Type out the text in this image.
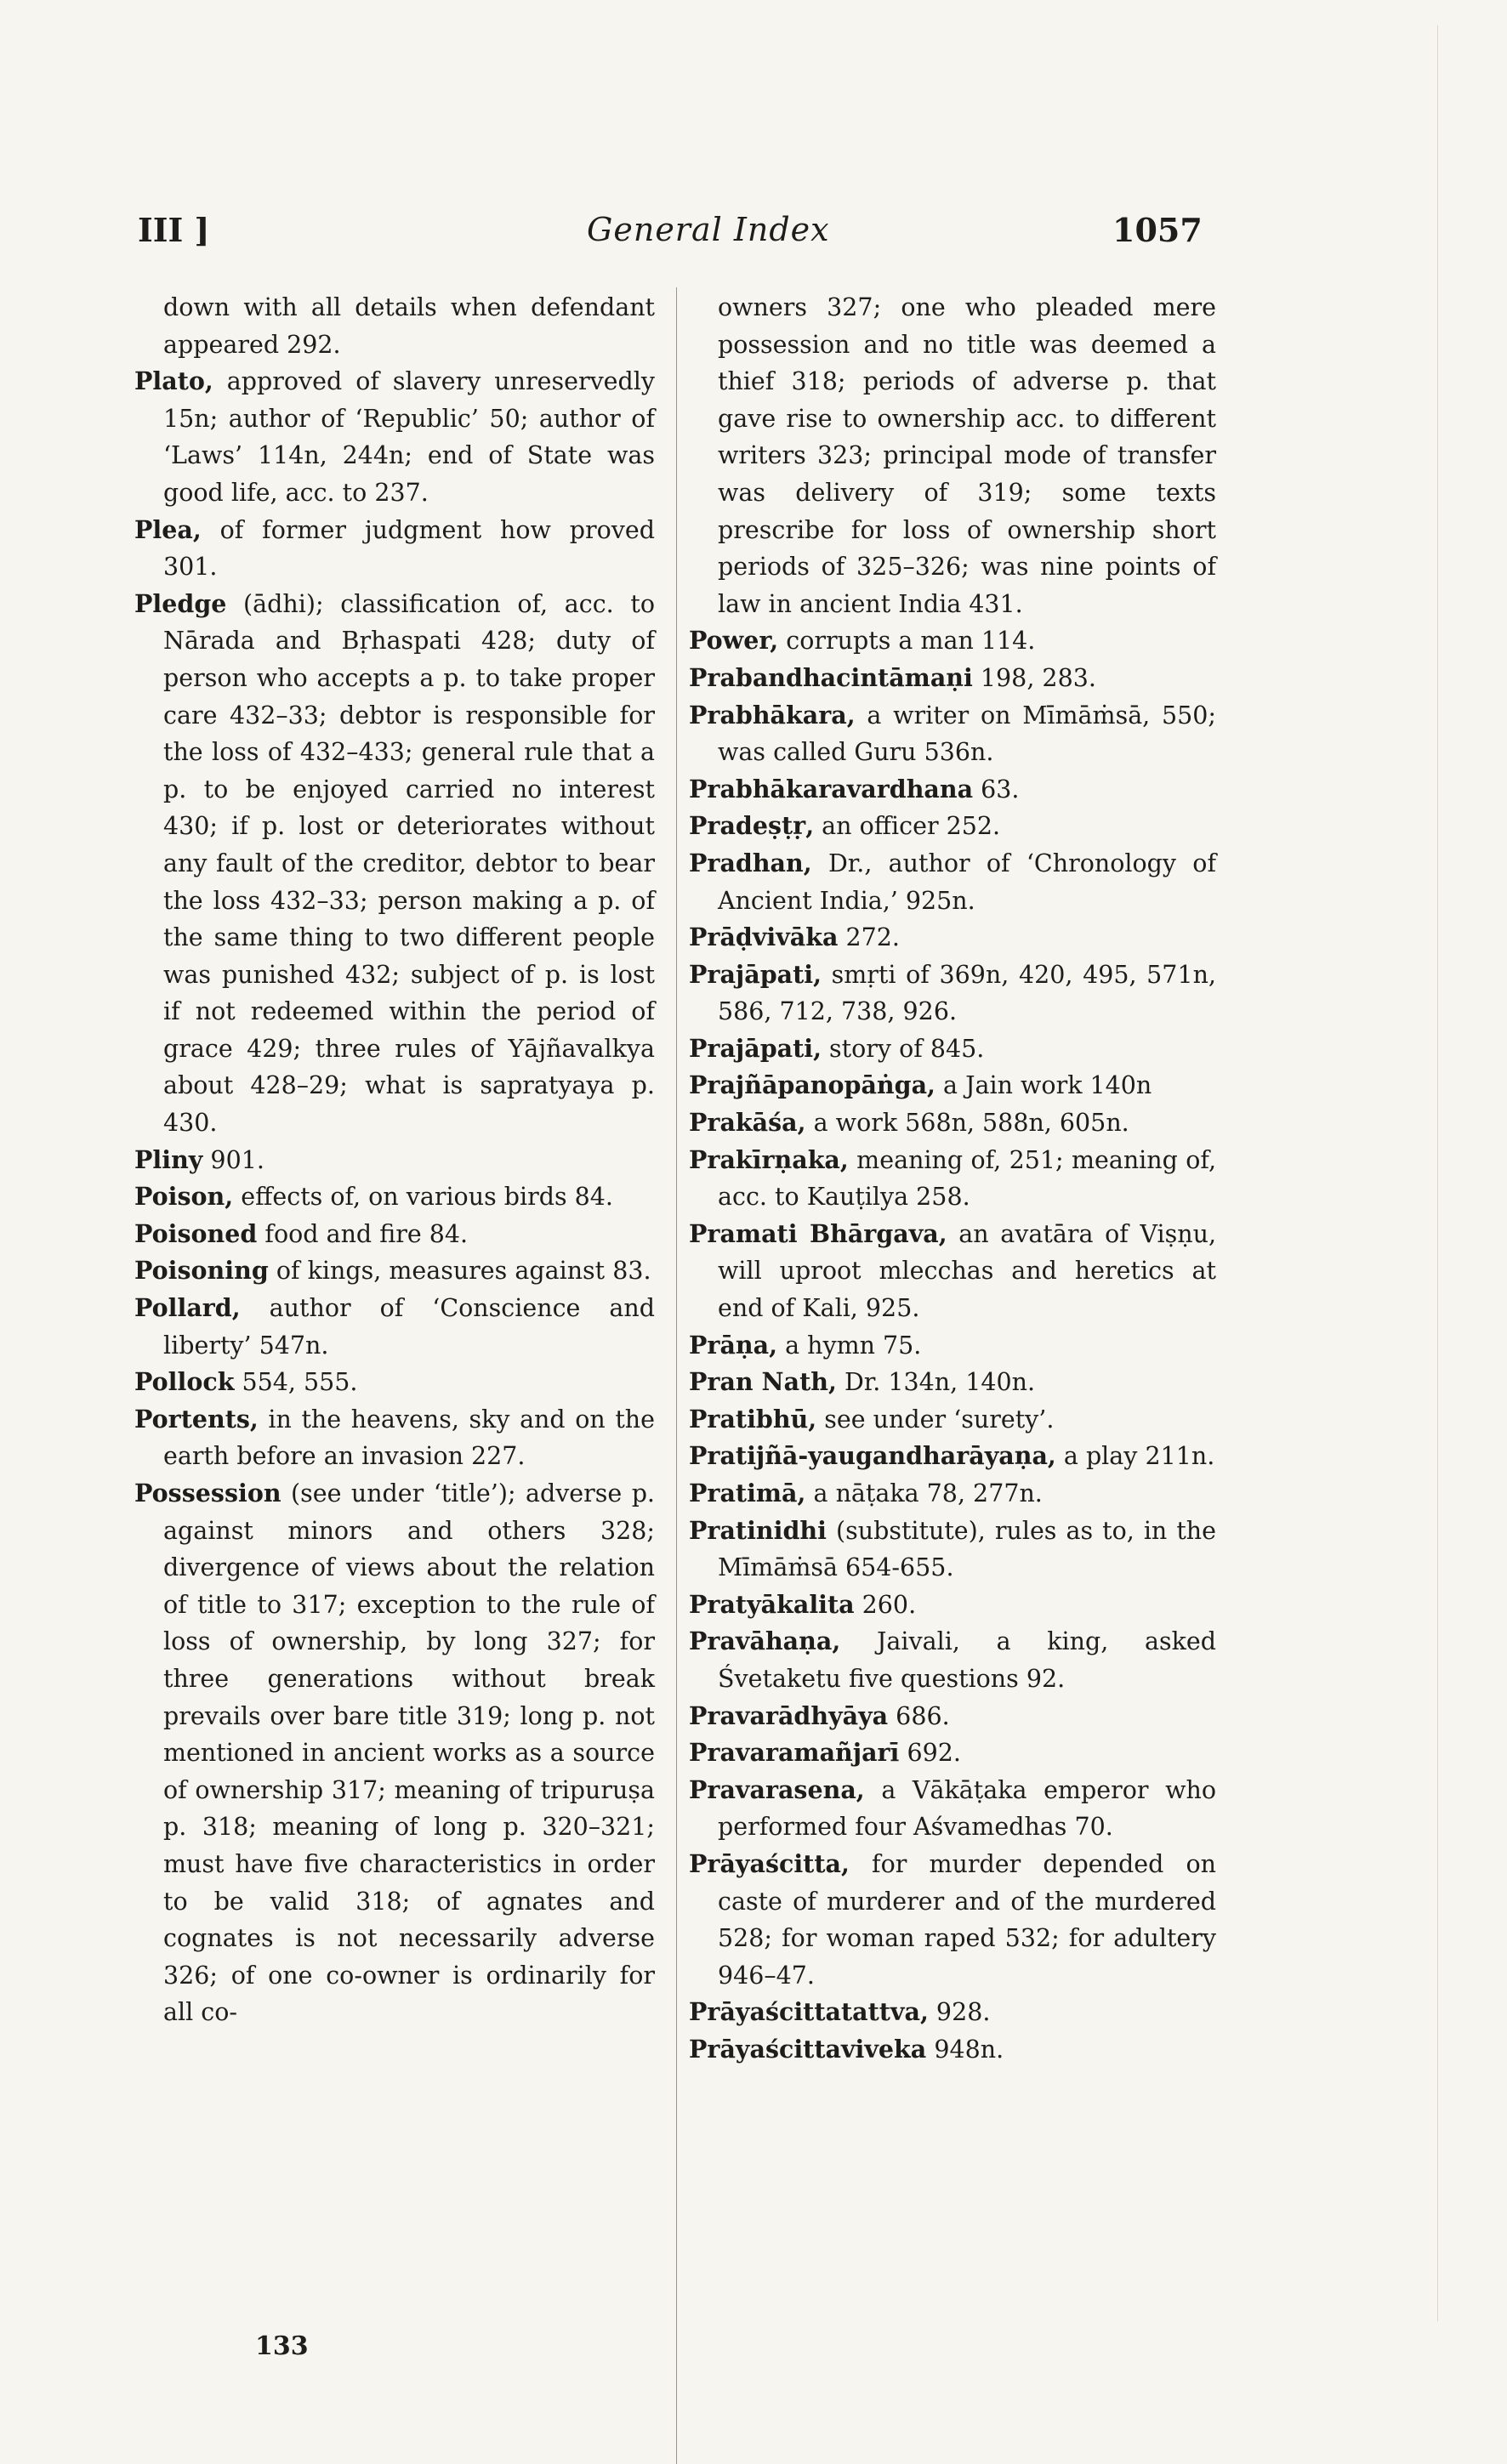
III ]	General Index	1057

down with all details when defendant appeared 292.

Plato, approved of slavery unreservedly 15n; author of ‘Republic’ 50; author of ‘Laws’ 114n, 244n; end of State was good life, acc. to 237.

Plea, of former judgment how proved 301.

Pledge (ādhi); classification of, acc. to Nārada and Bṛhaspati 428; duty of person who accepts a p. to take proper care 432–33; debtor is responsible for the loss of 432–433; general rule that a p. to be enjoyed carried no interest 430; if p. lost or deteriorates without any fault of the creditor, debtor to bear the loss 432–33; person making a p. of the same thing to two different people was punished 432; subject of p. is lost if not redeemed within the period of grace 429; three rules of Yājñavalkya about 428–29; what is sapratyaya p. 430.

Pliny 901.

Poison, effects of, on various birds 84.

Poisoned food and fire 84.

Poisoning of kings, measures against 83.

Pollard, author of ‘Conscience and liberty’ 547n.

Pollock 554, 555.

Portents, in the heavens, sky and on the earth before an invasion 227.

Possession (see under ‘title’); adverse p. against minors and others 328; divergence of views about the relation of title to 317; exception to the rule of loss of ownership, by long 327; for three generations without break prevails over bare title 319; long p. not mentioned in ancient works as a source of ownership 317; meaning of tripuruṣa p. 318; meaning of long p. 320–321; must have five characteristics in order to be valid 318; of agnates and cognates is not necessarily adverse 326; of one co-owner is ordinarily for all co-

owners 327; one who pleaded mere possession and no title was deemed a thief 318; periods of adverse p. that gave rise to ownership acc. to different writers 323; principal mode of transfer was delivery of 319; some texts prescribe for loss of ownership short periods of 325–326; was nine points of law in ancient India 431.

Power, corrupts a man 114.

Prabandhacintāmaṇi 198, 283.

Prabhākara, a writer on Mīmāṁsā, 550; was called Guru 536n.

Prabhākaravardhana 63.

Pradeṣṭṛ, an officer 252.

Pradhan, Dr., author of ‘Chronology of Ancient India,’ 925n.

Prāḍvivāka 272.

Prajāpati, smṛti of 369n, 420, 495, 571n, 586, 712, 738, 926.

Prajāpati, story of 845.

Prajñāpanopāṅga, a Jain work 140n

Prakāśa, a work 568n, 588n, 605n.

Prakīrṇaka, meaning of, 251; meaning of, acc. to Kauṭilya 258.

Pramati Bhārgava, an avatāra of Viṣṇu, will uproot mlecchas and heretics at end of Kali, 925.

Prāṇa, a hymn 75.

Pran Nath, Dr. 134n, 140n.

Pratibhū, see under ‘surety’.

Pratijñā-yaugandharāyaṇa, a play 211n.

Pratimā, a nāṭaka 78, 277n.

Pratinidhi (substitute), rules as to, in the Mīmāṁsā 654-655.

Pratyākalita 260.

Pravāhaṇa, Jaivali, a king, asked Śvetaketu five questions 92.

Pravarādhyāya 686.

Pravaramañjarī 692.

Pravarasena, a Vākāṭaka emperor who performed four Aśvamedhas 70.

Prāyaścitta, for murder depended on caste of murderer and of the murdered 528; for woman raped 532; for adultery 946–47.

Prāyaścittatattva, 928.

Prāyaścittaviveka 948n.

133
